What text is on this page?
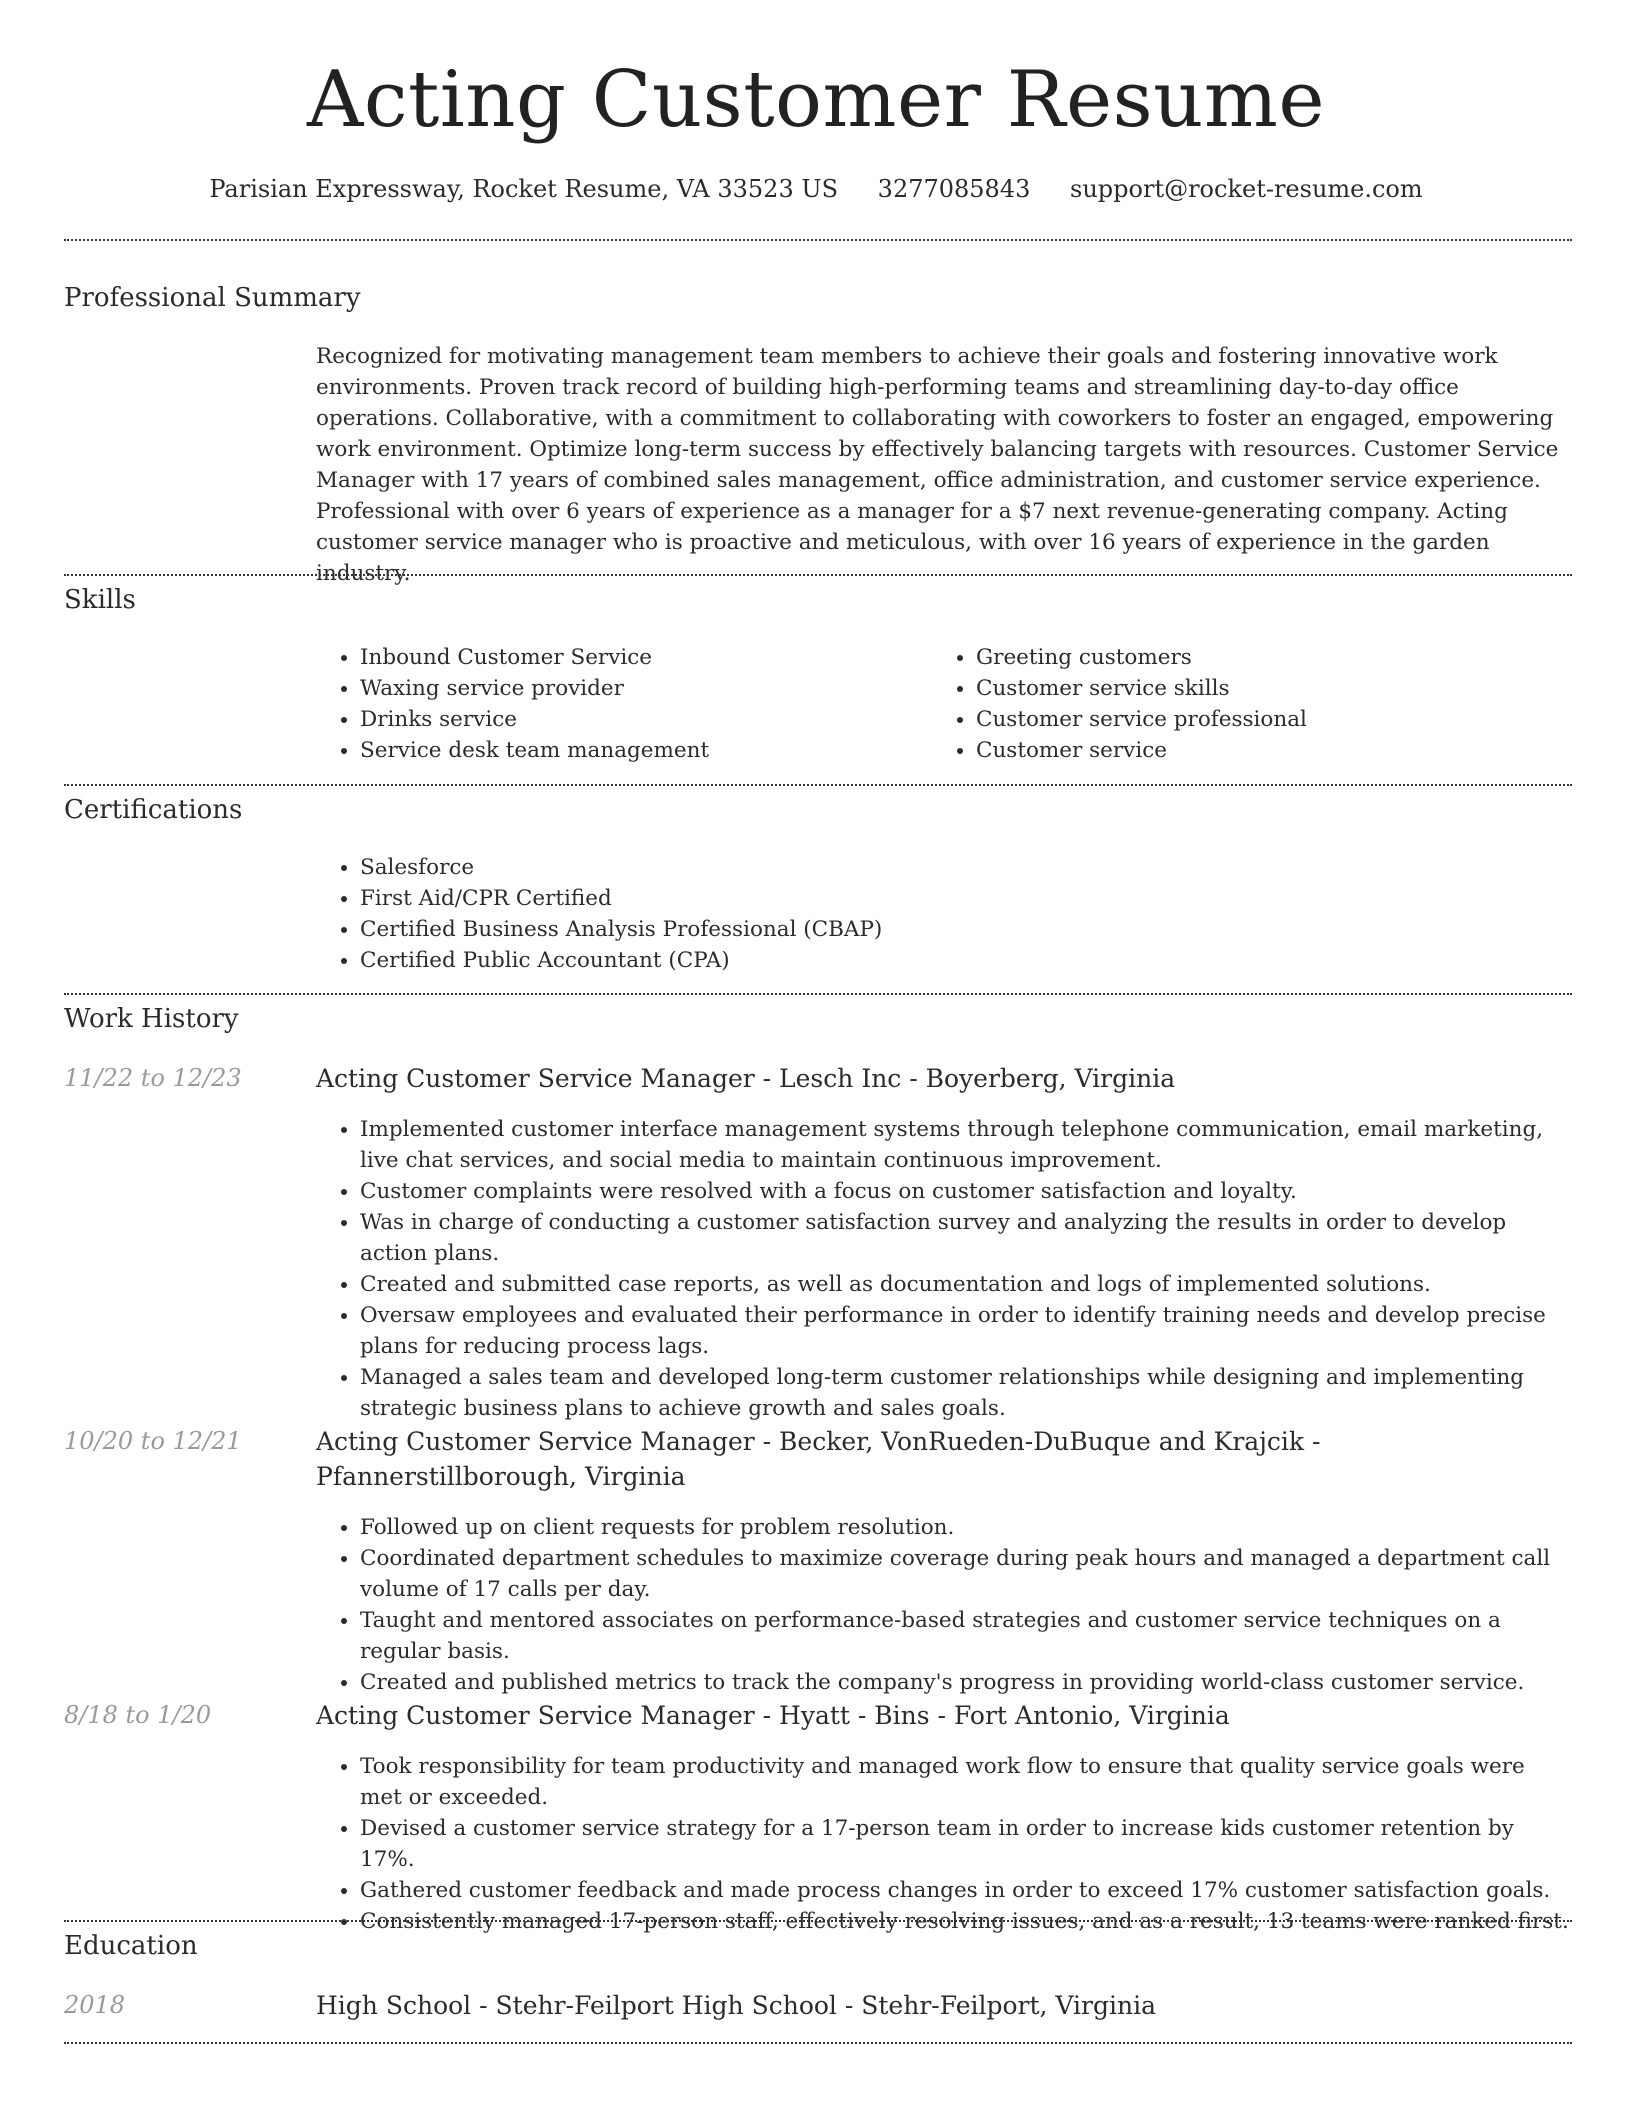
Acting Customer Resume
Parisian Expressway, Rocket Resume, VA 33523 US 3277085843 support@rocket-resume.com
Professional Summary
Recognized for motivating management team members to achieve their goals and fostering innovative work environments. Proven track record of building high-performing teams and streamlining day-to-day office operations. Collaborative, with a commitment to collaborating with coworkers to foster an engaged, empowering work environment. Optimize long-term success by effectively balancing targets with resources. Customer Service Manager with 17 years of combined sales management, office administration, and customer service experience. Professional with over 6 years of experience as a manager for a $7 next revenue-generating company. Acting customer service manager who is proactive and meticulous, with over 16 years of experience in the garden industry.
Skills
• Inbound Customer Service
• Waxing service provider
• Drinks service
• Service desk team management
• Greeting customers
• Customer service skills
• Customer service professional
• Customer service
Certifications
• Salesforce
• First Aid/CPR Certified
• Certified Business Analysis Professional (CBAP)
• Certified Public Accountant (CPA)
Work History
11/22 to 12/23	Acting Customer Service Manager - Lesch Inc - Boyerberg, Virginia
• Implemented customer interface management systems through telephone communication, email marketing, live chat services, and social media to maintain continuous improvement.
• Customer complaints were resolved with a focus on customer satisfaction and loyalty.
• Was in charge of conducting a customer satisfaction survey and analyzing the results in order to develop action plans.
• Created and submitted case reports, as well as documentation and logs of implemented solutions.
• Oversaw employees and evaluated their performance in order to identify training needs and develop precise plans for reducing process lags.
• Managed a sales team and developed long-term customer relationships while designing and implementing strategic business plans to achieve growth and sales goals.
10/20 to 12/21	Acting Customer Service Manager - Becker, VonRueden-DuBuque and Krajcik - Pfannerstillborough, Virginia
• Followed up on client requests for problem resolution.
• Coordinated department schedules to maximize coverage during peak hours and managed a department call volume of 17 calls per day.
• Taught and mentored associates on performance-based strategies and customer service techniques on a regular basis.
• Created and published metrics to track the company's progress in providing world-class customer service.
8/18 to 1/20	Acting Customer Service Manager - Hyatt - Bins - Fort Antonio, Virginia
• Took responsibility for team productivity and managed work flow to ensure that quality service goals were met or exceeded.
• Devised a customer service strategy for a 17-person team in order to increase kids customer retention by 17%.
• Gathered customer feedback and made process changes in order to exceed 17% customer satisfaction goals.
• Consistently managed 17-person staff, effectively resolving issues, and as a result, 13 teams were ranked first.
Education
2018	High School - Stehr-Feilport High School - Stehr-Feilport, Virginia
